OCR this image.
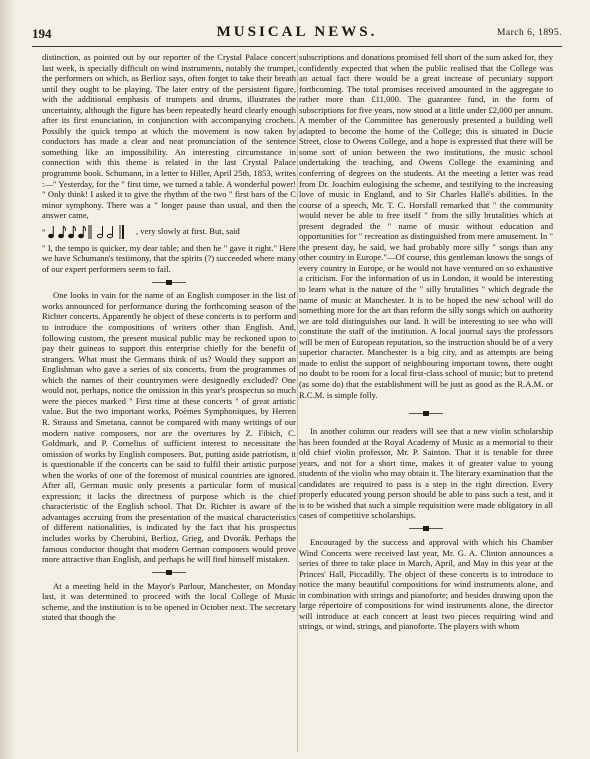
MUSICAL NEWS.
194	March 6, 1895.

distinction, as pointed out by our reporter of the Crystal Palace concert last week, is specially difficult on wind instruments, notably the trumpet, the performers on which, as Berlioz says, often forget to take their breath until they ought to be playing. The later entry of the persistent figure, with the additional emphasis of trumpets and drums, illustrates the uncertainty, although the figure has been repeatedly heard clearly enough after its first enunciation, in conjunction with accompanying crochets. Possibly the quick tempo at which the movement is now taken by conductors has made a clear and neat pronunciation of the sentence something like an impossibility. An interesting circumstance in connection with this theme is related in the last Crystal Palace programme book. Schumann, in a letter to Hiller, April 25th, 1853, writes :—" Yesterday, for the " first time, we turned a table. A wonderful power! " Only think! I asked it to give the rhythm of the two " first bars of the C minor symphony. There was a " longer pause than usual, and then the answer came,

"	, very slowly at first. But, said

" I, the tempo is quicker, my dear table; and then he " gave it right." Here we have Schumann's testimony, that the spirits (?) succeeded where many of our expert performers seem to fail.

One looks in vain for the name of an English composer in the list of works announced for performance during the forthcoming season of the Richter concerts. Apparently he object of these concerts is to perform and to introduce the compositions of writers other than English. And, following custom, the present musical public may be reckoned upon to pay their guineas to support this enterprise chiefly for the benefit of strangers. What must the Germans think of us? Would they support an Englishman who gave a series of six concerts, from the programmes of which the names of their countrymen were designedly excluded? One would not, perhaps, notice the omission in this year's prospectus so much were the pieces marked " First time at these concerts " of great artistic value. But the two important works, Poèmes Symphoniques, by Herren R. Strauss and Smetana, cannot be compared with many writings of our modern native composers, nor are the overtures by Z. Fibich, C. Goldmark, and P. Cornelius of sufficient interest to necessitate the omission of works by English composers. But, putting aside patriotism, it is questionable if the concerts can be said to fulfil their artistic purpose when the works of one of the foremost of musical countries are ignored. After all, German music only presents a particular form of musical expression; it lacks the directness of purpose which is the chief characteristic of the English school. That Dr. Richter is aware of the advantages accruing from the presentation of the musical characteristics of different nationalities, is indicated by the fact that his prospectus includes works by Cherubini, Berlioz, Grieg, and Dvorák. Perhaps the famous conductor thought that modern German composers would prove more attractive than English, and perhaps he will find himself mistaken.

At a meeting held in the Mayor's Parlour, Manchester, on Monday last, it was determined to proceed with the local College of Music scheme, and the institution is to be opened in October next. The secretary stated that though the

subscriptions and donations promised fell short of the sum asked for, they confidently expected that when the public realised that the College was an actual fact there would be a great increase of pecuniary support forthcoming. The total promises received amounted in the aggregate to rather more than £11,000. The guarantee fund, in the form of subscriptions for five years, now stood at a little under £2,000 per annum. A member of the Committee has generously presented a building well adapted to become the home of the College; this is situated in Ducie Street, close to Owens College, and a hope is expressed that there will be some sort of union between the two institutions, the music school undertaking the teaching, and Owens College the examining and conferring of degrees on the students. At the meeting a letter was read from Dr. Joachim eulogising the scheme, and testifying to the increasing love of music in England, and to Sir Charles Hallé's abilities. In the course of a speech, Mr. T. C. Horsfall remarked that " the community would never be able to free itself " from the silly brutalities which at present degraded the " name of music without education and opportunities for " recreation as distinguished from mere amusement. In " the present day, he said, we had probably more silly " songs than any other country in Europe."—Of course, this gentleman knows the songs of every country in Europe, or he would not have ventured on so exhaustive a criticism. For the information of us in London, it would be interesting to learn what is the nature of the " silly brutalities " which degrade the name of music at Manchester. It is to be hoped the new school will do something more for the art than reform the silly songs which on authority we are told distinguishes our land. It will be interesting to see who will constitute the staff of the institution. A local journal says the professors will be men of European reputation, so the instruction should be of a very superior character. Manchester is a big city, and as attempts are being made to enlist the support of neighbouring important towns, there ought no doubt to be room for a local first-class school of music; but to pretend (as some do) that the establishment will be just as good as the R.A.M. or R.C.M. is simple folly.

In another column our readers will see that a new violin scholarship has been founded at the Royal Academy of Music as a memorial to their old chief violin professor, Mr. P. Sainton. That it is tenable for three years, and not for a short time, makes it of greater value to young students of the violin who may obtain it. The literary examination that the candidates are required to pass is a step in the right direction. Every properly educated young person should be able to pass such a test, and it is to be wished that such a simple requisition were made obligatory in all cases of competitive scholarships.

Encouraged by the success and approval with which his Chamber Wind Concerts were received last year, Mr. G. A. Clinton announces a series of three to take place in March, April, and May in this year at the Princes' Hall, Piccadilly. The object of these concerts is to introduce to notice the many beautiful compositions for wind instruments alone, and in combination with strings and pianoforte; and besides drawing upon the large répertoire of compositions for wind instruments alone, the director will introduce at each concert at least two pieces requiring wind and strings, or wind, strings, and pianoforte. The players with whom
